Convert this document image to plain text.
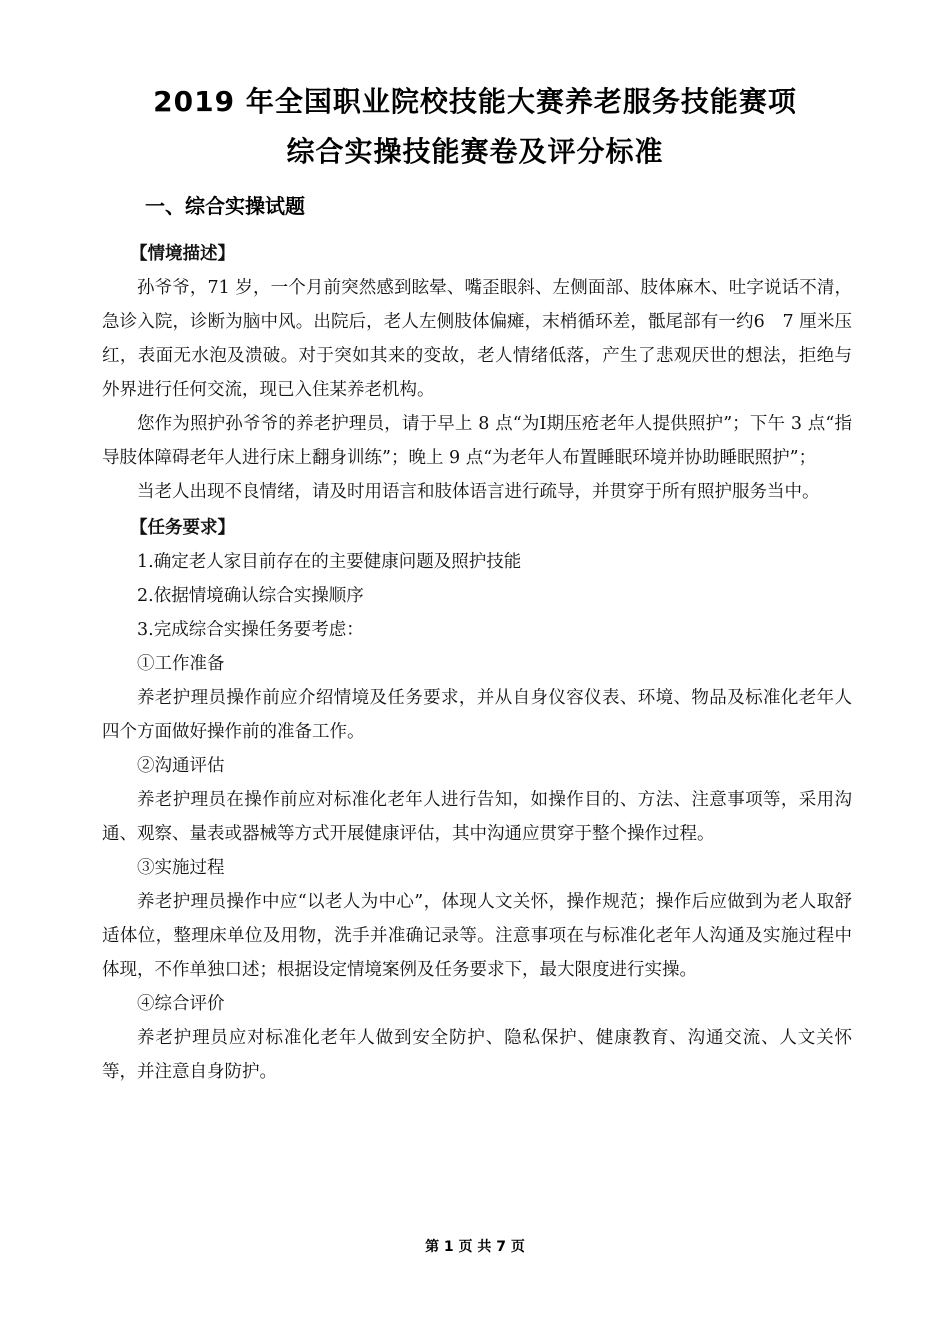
2019 年全国职业院校技能大赛养老服务技能赛项
综合实操技能赛卷及评分标准
一、综合实操试题

【情境描述】

孙爷爷，71 岁，一个月前突然感到眩晕、嘴歪眼斜、左侧面部、肢体麻木、吐字说话不清，急诊入院，诊断为脑中风。出院后，老人左侧肢体偏瘫，末梢循环差，骶尾部有一约6　7 厘米压红，表面无水泡及溃破。对于突如其来的变故，老人情绪低落，产生了悲观厌世的想法，拒绝与外界进行任何交流，现已入住某养老机构。

您作为照护孙爷爷的养老护理员，请于早上 8 点“为Ⅰ期压疮老年人提供照护”；下午 3 点“指导肢体障碍老年人进行床上翻身训练”；晚上 9 点“为老年人布置睡眠环境并协助睡眠照护”；

当老人出现不良情绪，请及时用语言和肢体语言进行疏导，并贯穿于所有照护服务当中。

【任务要求】

1.确定老人家目前存在的主要健康问题及照护技能

2.依据情境确认综合实操顺序

3.完成综合实操任务要考虑：

①工作准备

养老护理员操作前应介绍情境及任务要求，并从自身仪容仪表、环境、物品及标准化老年人四个方面做好操作前的准备工作。

②沟通评估

养老护理员在操作前应对标准化老年人进行告知，如操作目的、方法、注意事项等，采用沟通、观察、量表或器械等方式开展健康评估，其中沟通应贯穿于整个操作过程。

③实施过程

养老护理员操作中应“以老人为中心”，体现人文关怀，操作规范；操作后应做到为老人取舒适体位，整理床单位及用物，洗手并准确记录等。注意事项在与标准化老年人沟通及实施过程中体现，不作单独口述；根据设定情境案例及任务要求下，最大限度进行实操。

④综合评价

养老护理员应对标准化老年人做到安全防护、隐私保护、健康教育、沟通交流、人文关怀等，并注意自身防护。

第 1 页 共 7 页
